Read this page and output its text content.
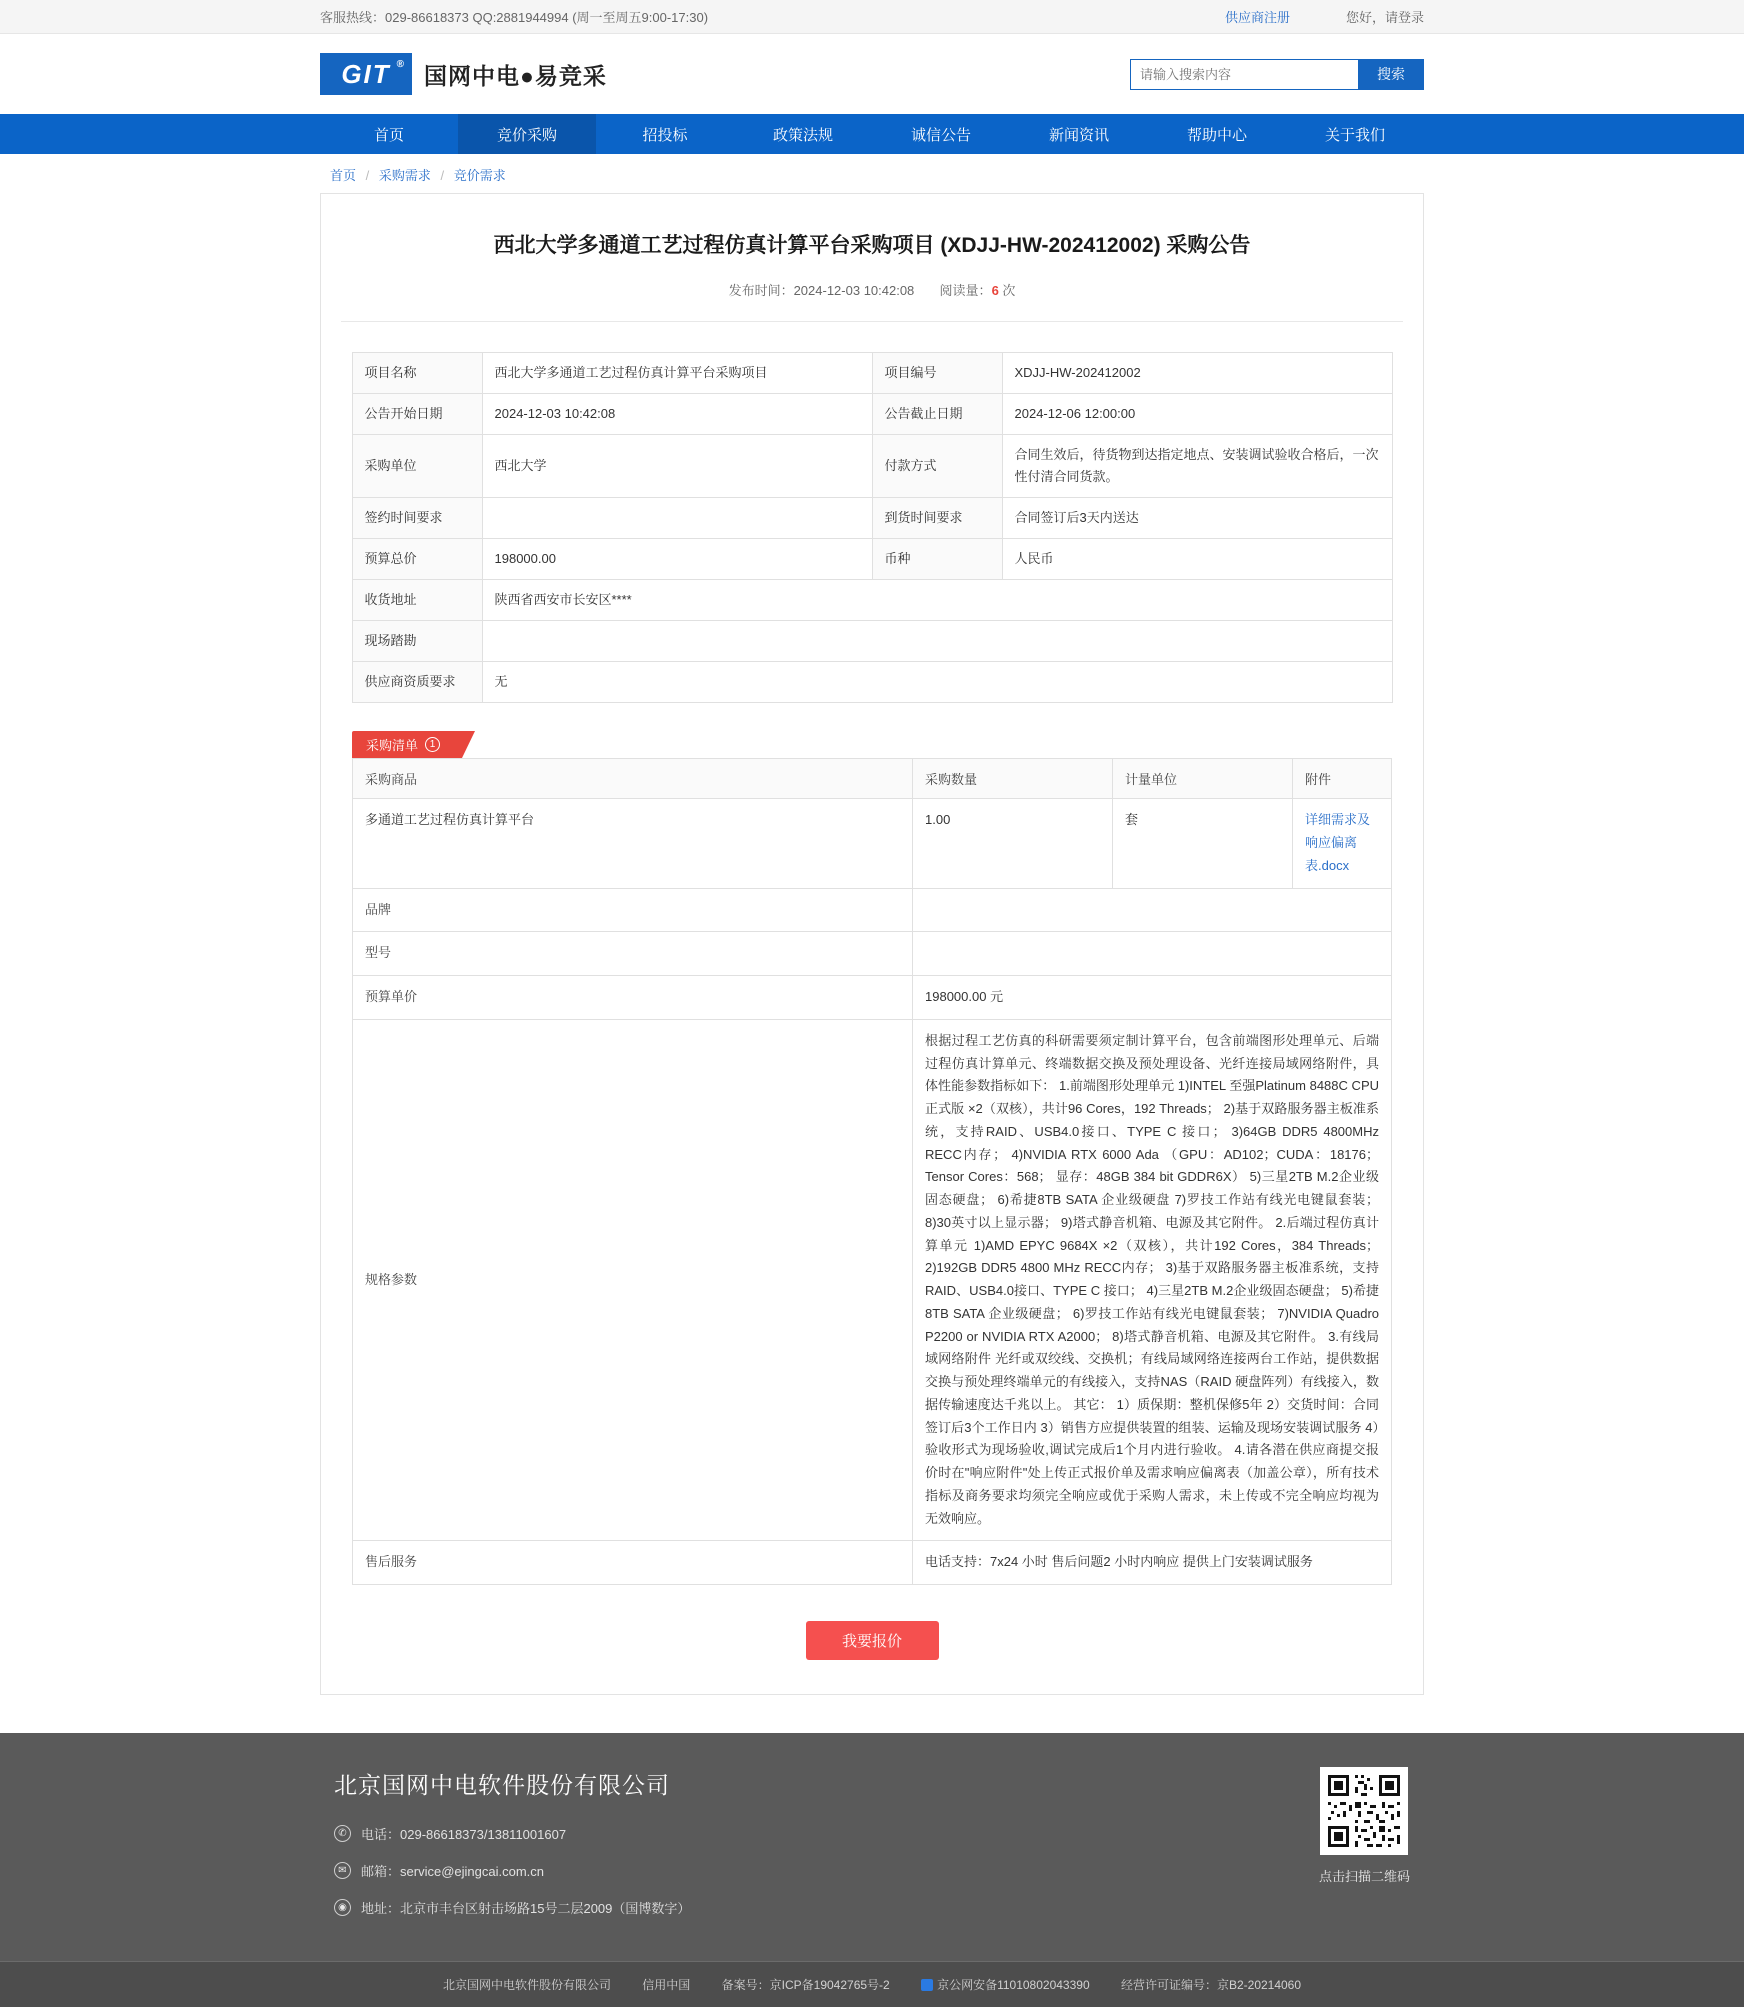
客服热线：029-86618373 QQ:2881944994 (周一至周五9:00-17:30)	供应商注册	您好，请登录
GIT ® 国网中电●易竞采
请输入搜索内容	搜索
首页	竞价采购	招投标	政策法规	诚信公告	新闻资讯	帮助中心	关于我们
首页 / 采购需求 / 竞价需求
西北大学多通道工艺过程仿真计算平台采购项目 (XDJJ-HW-202412002) 采购公告
发布时间：2024-12-03 10:42:08 阅读量：6 次
项目名称	西北大学多通道工艺过程仿真计算平台采购项目	项目编号	XDJJ-HW-202412002
公告开始日期	2024-12-03 10:42:08	公告截止日期	2024-12-06 12:00:00
采购单位	西北大学	付款方式	合同生效后，待货物到达指定地点、安装调试验收合格后，一次性付清合同货款。
签约时间要求		到货时间要求	合同签订后3天内送达
预算总价	198000.00	币种	人民币
收货地址	陕西省西安市长安区****		
现场踏勘			
供应商资质要求	无		
采购清单	1
采购商品	采购数量	计量单位	附件
多通道工艺过程仿真计算平台	1.00	套	详细需求及响应偏离表.docx
品牌			
型号			
预算单价	198000.00 元		
规格参数	根据过程工艺仿真的科研需要须定制计算平台，包含前端图形处理单元、后端过程仿真计算单元、终端数据交换及预处理设备、光纤连接局域网络附件，具体性能参数指标如下： 1.前端图形处理单元 1)INTEL 至强Platinum 8488C CPU正式版 ×2（双核），共计96 Cores，192 Threads； 2)基于双路服务器主板准系统，支持RAID、USB4.0接口、TYPE C 接口； 3)64GB DDR5 4800MHz RECC内存； 4)NVIDIA RTX 6000 Ada （GPU：AD102；CUDA：18176；Tensor Cores：568； 显存：48GB 384 bit GDDR6X） 5)三星2TB M.2企业级固态硬盘； 6)希捷8TB SATA 企业级硬盘 7)罗技工作站有线光电键鼠套装； 8)30英寸以上显示器； 9)塔式静音机箱、电源及其它附件。 2.后端过程仿真计算单元 1)AMD EPYC 9684X ×2（双核），共计192 Cores，384 Threads； 2)192GB DDR5 4800 MHz RECC内存； 3)基于双路服务器主板准系统，支持RAID、USB4.0接口、TYPE C 接口； 4)三星2TB M.2企业级固态硬盘； 5)希捷8TB SATA 企业级硬盘； 6)罗技工作站有线光电键鼠套装； 7)NVIDIA Quadro P2200 or NVIDIA RTX A2000； 8)塔式静音机箱、电源及其它附件。 3.有线局域网络附件 光纤或双绞线、交换机；有线局域网络连接两台工作站，提供数据交换与预处理终端单元的有线接入，支持NAS（RAID 硬盘阵列）有线接入，数据传输速度达千兆以上。 其它： 1）质保期：整机保修5年 2）交货时间：合同签订后3个工作日内 3）销售方应提供装置的组装、运输及现场安装调试服务 4）验收形式为现场验收,调试完成后1个月内进行验收。 4.请各潜在供应商提交报价时在"响应附件"处上传正式报价单及需求响应偏离表（加盖公章），所有技术指标及商务要求均须完全响应或优于采购人需求，未上传或不完全响应均视为无效响应。		
售后服务	电话支持：7x24 小时 售后问题2 小时内响应 提供上门安装调试服务		
我要报价
北京国网中电软件股份有限公司
✆	电话：029-86618373/13811001607
✉	邮箱：service@ejingcai.com.cn
◉	地址：北京市丰台区射击场路15号二层2009（国博数字）
点击扫描二维码
北京国网中电软件股份有限公司	信用中国	备案号：京ICP备19042765号-2	京公网安备11010802043390	经营许可证编号：京B2-20214060
